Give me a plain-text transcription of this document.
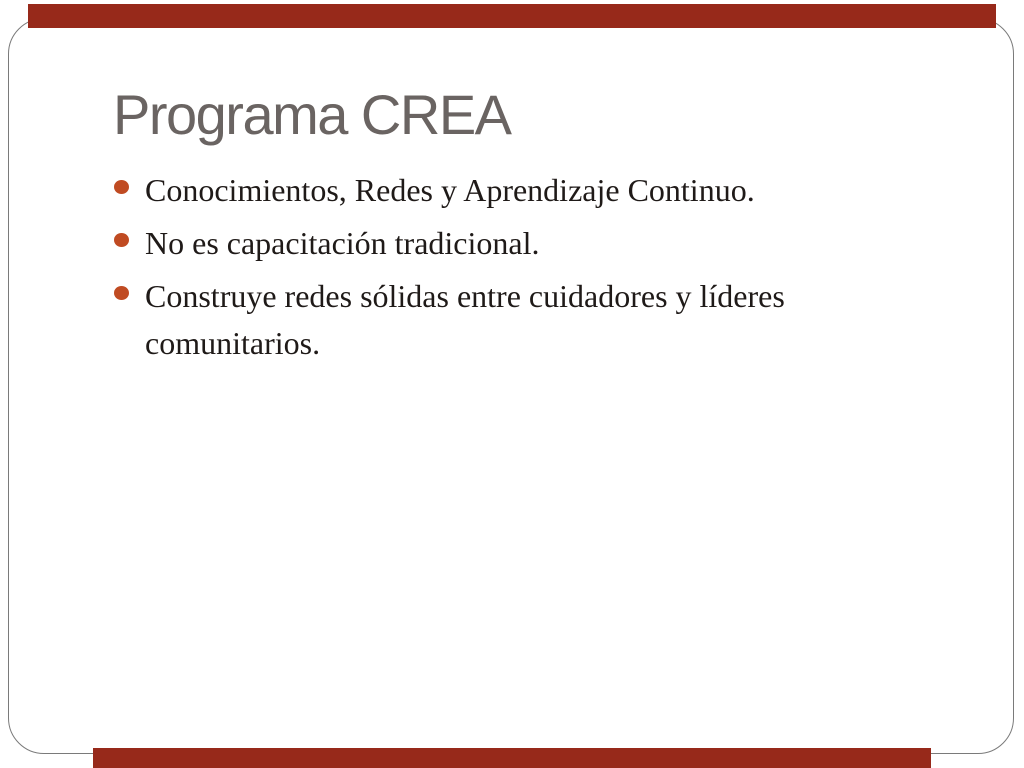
Programa CREA
Conocimientos, Redes y Aprendizaje Continuo.
No es capacitación tradicional.
Construye redes sólidas entre cuidadores y líderes comunitarios.
